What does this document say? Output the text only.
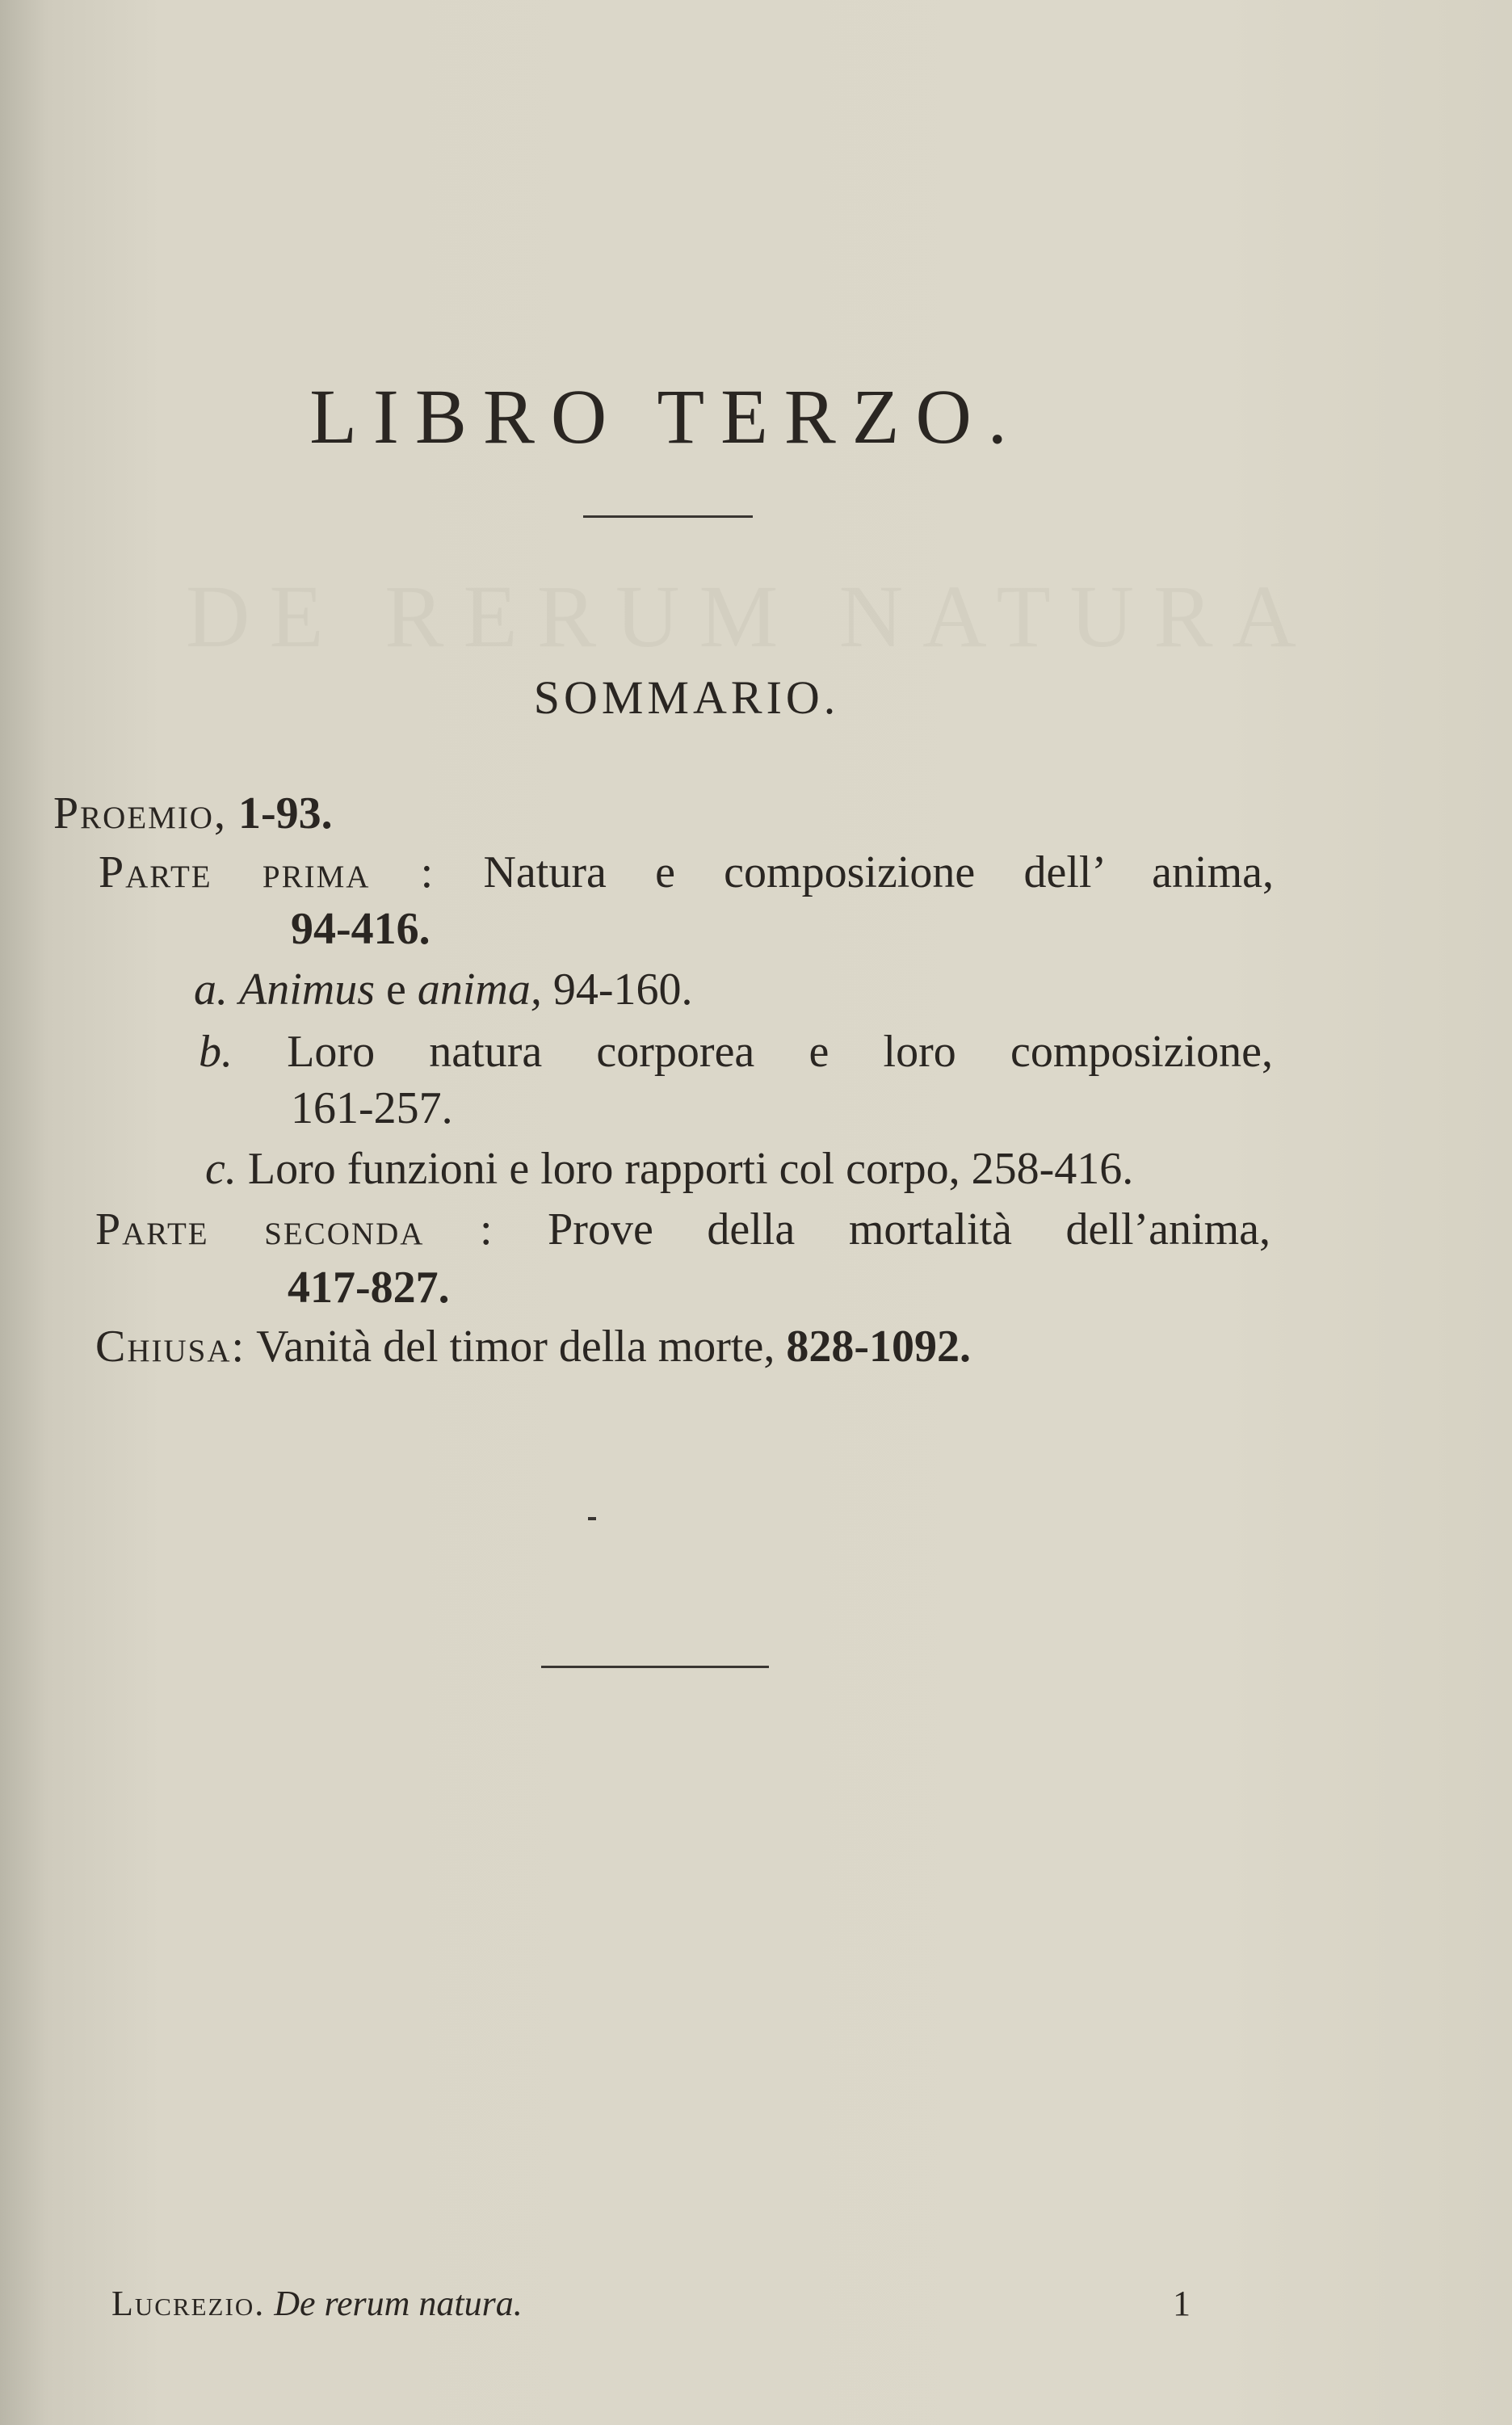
DE RERUM NATURA
LIBRO TERZO.
SOMMARIO.
Proemio, 1-93.
Parte prima : Natura e composizione dell’ anima,
94-416.
a. Animus e anima, 94-160.
b. Loro natura corporea e loro composizione,
161-257.
c. Loro funzioni e loro rapporti col corpo, 258-416.
Parte seconda : Prove della mortalità dell’anima,
417-827.
Chiusa: Vanità del timor della morte, 828-1092.
Lucrezio. De rerum natura.	1
